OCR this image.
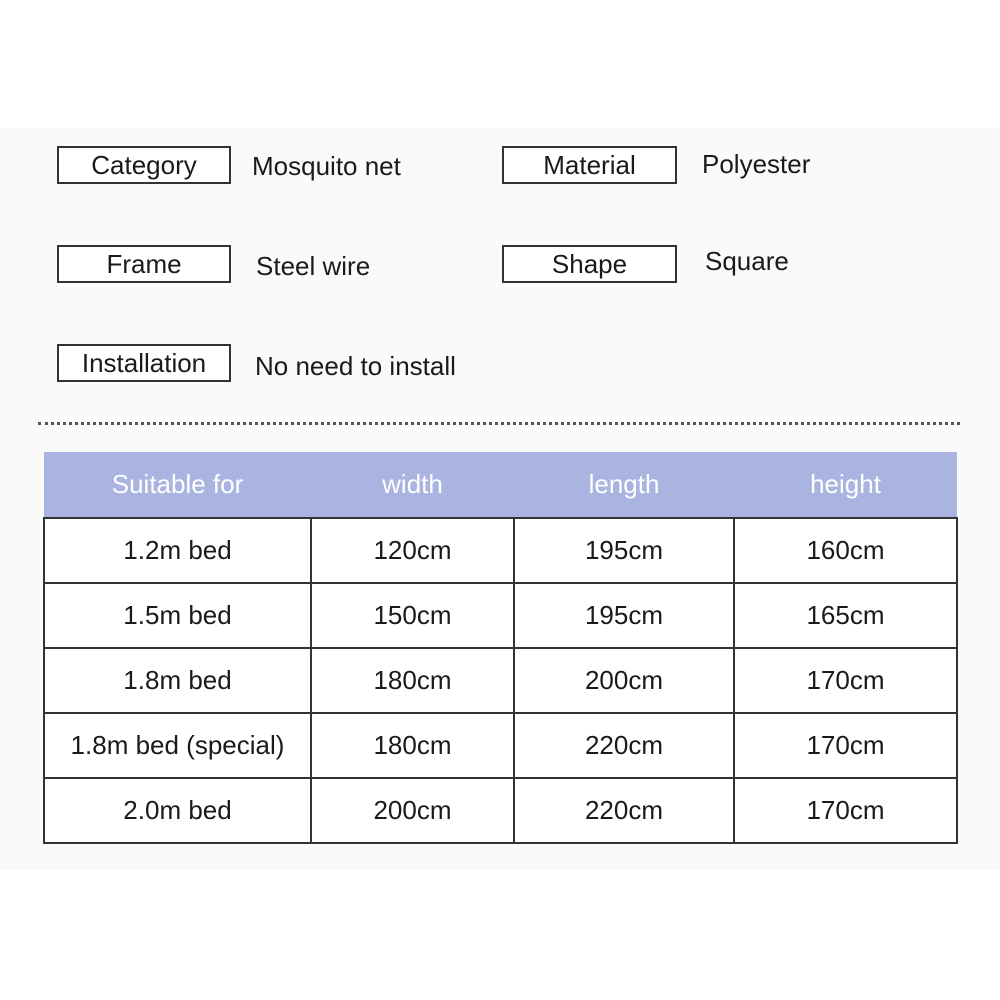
Category	Mosquito net	Material	Polyester
Frame	Steel wire	Shape	Square
Installation	No need to install
Suitable for	width	length	height
1.2m bed	120cm	195cm	160cm
1.5m bed	150cm	195cm	165cm
1.8m bed	180cm	200cm	170cm
1.8m bed (special)	180cm	220cm	170cm
2.0m bed	200cm	220cm	170cm
